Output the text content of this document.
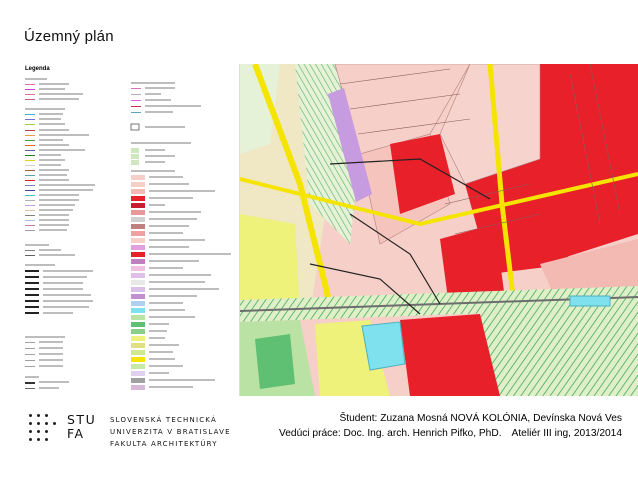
Územný plán
Legenda
STU
FA
SLOVENSKÁ TECHNICKÁ
UNIVERZITA V BRATISLAVE
FAKULTA ARCHITEKTÚRY
Študent: Zuzana Mosná NOVÁ KOLÓNIA, Devínska Nová Ves
Vedúci práce: Doc. Ing. arch. Henrich Pifko, PhD. Ateliér III ing, 2013/2014
